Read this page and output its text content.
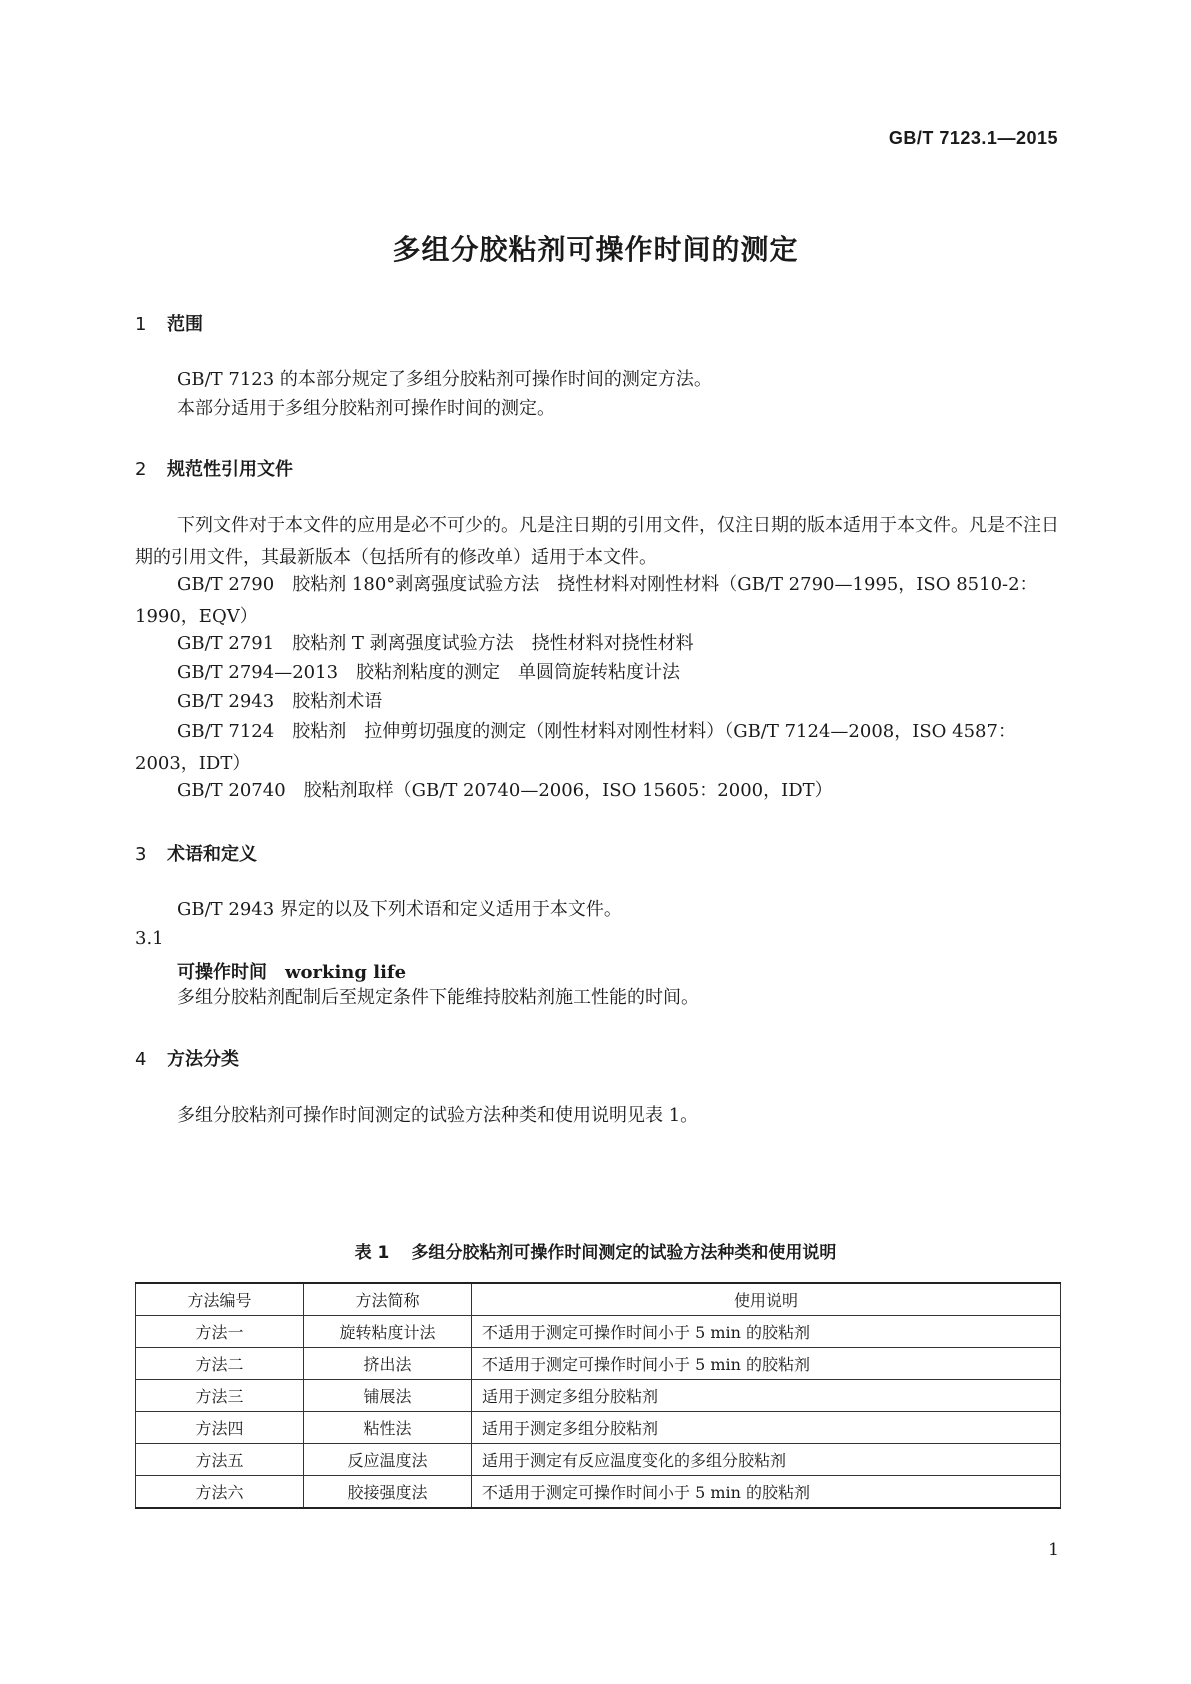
GB/T 7123.1—2015
多组分胶粘剂可操作时间的测定
1 范围
GB/T 7123 的本部分规定了多组分胶粘剂可操作时间的测定方法。
本部分适用于多组分胶粘剂可操作时间的测定。
2 规范性引用文件
下列文件对于本文件的应用是必不可少的。凡是注日期的引用文件，仅注日期的版本适用于本文件。凡是不注日期的引用文件，其最新版本（包括所有的修改单）适用于本文件。
GB/T 2790　胶粘剂 180°剥离强度试验方法　挠性材料对刚性材料（GB/T 2790—1995，ISO 8510-2：1990，EQV）
GB/T 2791　胶粘剂 T 剥离强度试验方法　挠性材料对挠性材料
GB/T 2794—2013　胶粘剂粘度的测定　单圆筒旋转粘度计法
GB/T 2943　胶粘剂术语
GB/T 7124　胶粘剂　拉伸剪切强度的测定（刚性材料对刚性材料）（GB/T 7124—2008，ISO 4587：2003，IDT）
GB/T 20740　胶粘剂取样（GB/T 20740—2006，ISO 15605：2000，IDT）
3 术语和定义
GB/T 2943 界定的以及下列术语和定义适用于本文件。
3.1
可操作时间 working life
多组分胶粘剂配制后至规定条件下能维持胶粘剂施工性能的时间。
4 方法分类
多组分胶粘剂可操作时间测定的试验方法种类和使用说明见表 1。
表 1 多组分胶粘剂可操作时间测定的试验方法种类和使用说明
方法编号	方法简称	使用说明
方法一	旋转粘度计法	不适用于测定可操作时间小于 5 min 的胶粘剂
方法二	挤出法	不适用于测定可操作时间小于 5 min 的胶粘剂
方法三	铺展法	适用于测定多组分胶粘剂
方法四	粘性法	适用于测定多组分胶粘剂
方法五	反应温度法	适用于测定有反应温度变化的多组分胶粘剂
方法六	胶接强度法	不适用于测定可操作时间小于 5 min 的胶粘剂
1
